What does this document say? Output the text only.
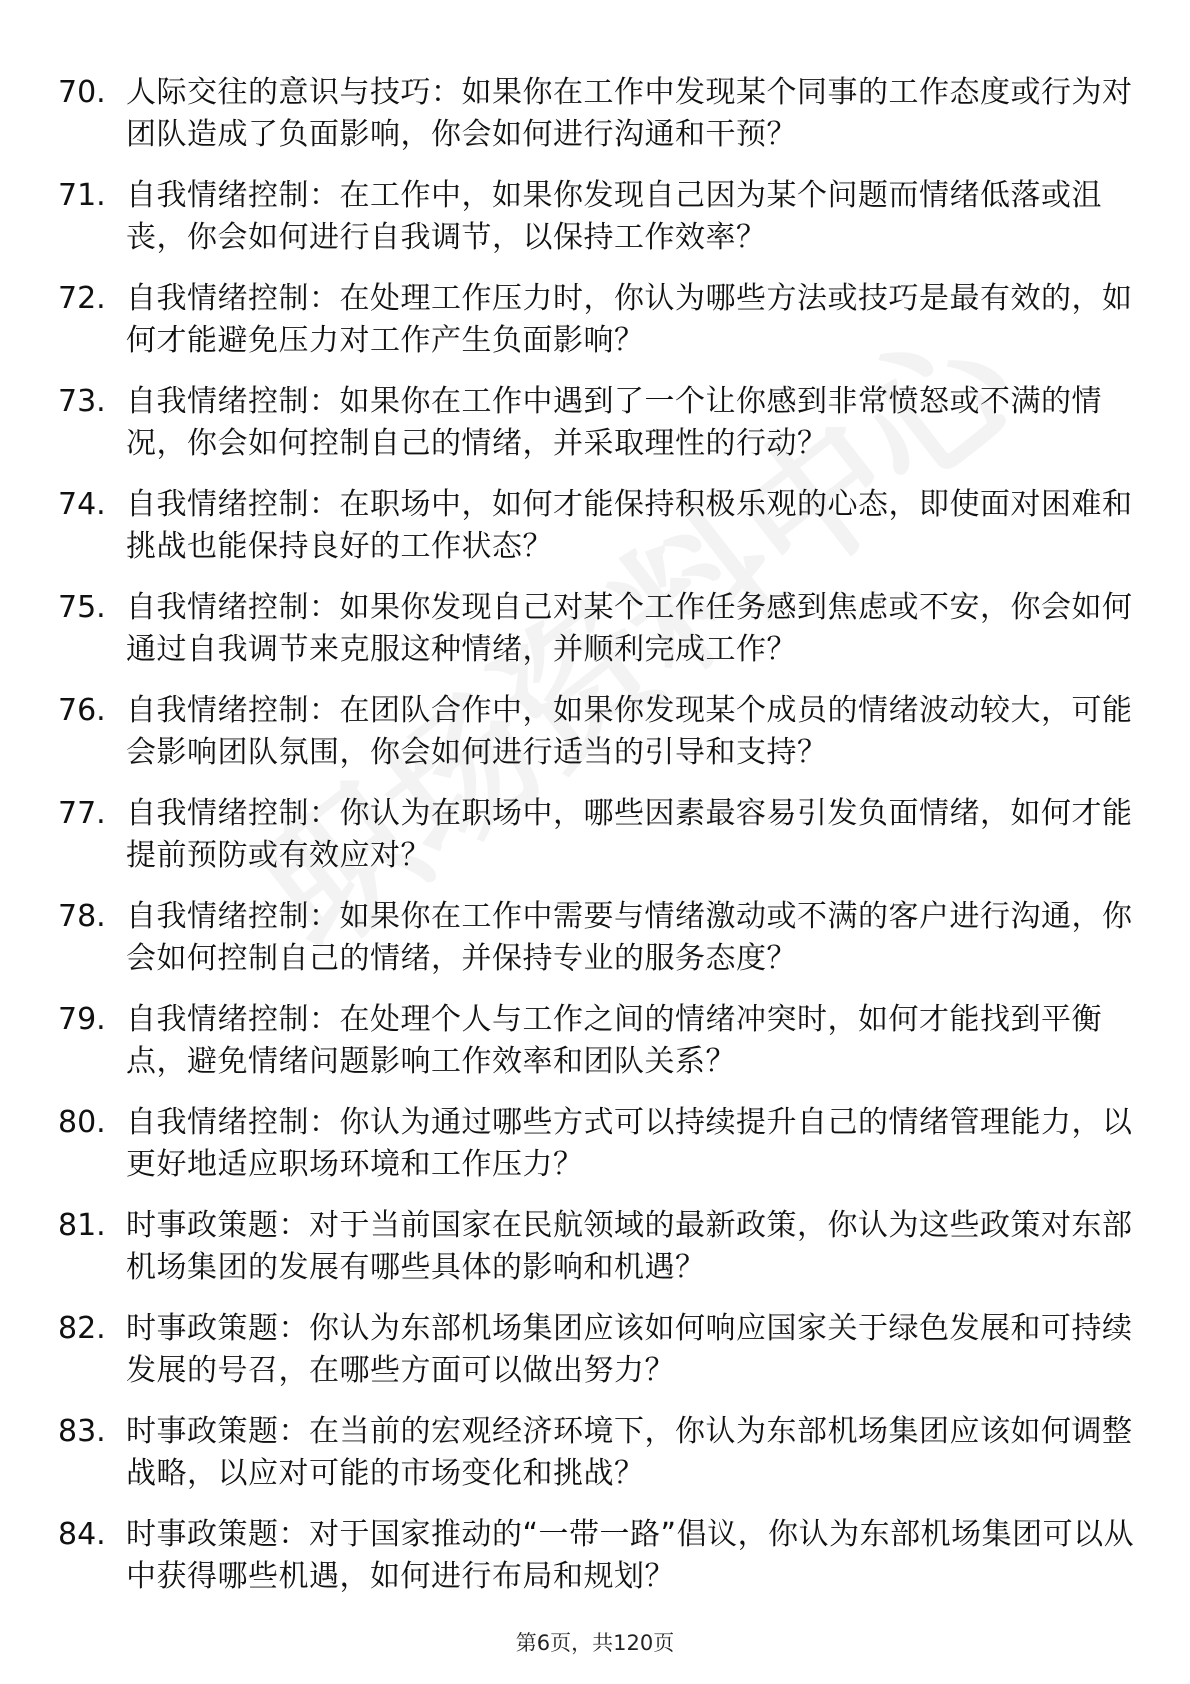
70. 人际交往的意识与技巧：如果你在工作中发现某个同事的工作态度或行为对团队造成了负面影响，你会如何进行沟通和干预？
71. 自我情绪控制：在工作中，如果你发现自己因为某个问题而情绪低落或沮丧，你会如何进行自我调节，以保持工作效率？
72. 自我情绪控制：在处理工作压力时，你认为哪些方法或技巧是最有效的，如何才能避免压力对工作产生负面影响？
73. 自我情绪控制：如果你在工作中遇到了一个让你感到非常愤怒或不满的情况，你会如何控制自己的情绪，并采取理性的行动？
74. 自我情绪控制：在职场中，如何才能保持积极乐观的心态，即使面对困难和挑战也能保持良好的工作状态？
75. 自我情绪控制：如果你发现自己对某个工作任务感到焦虑或不安，你会如何通过自我调节来克服这种情绪，并顺利完成工作？
76. 自我情绪控制：在团队合作中，如果你发现某个成员的情绪波动较大，可能会影响团队氛围，你会如何进行适当的引导和支持？
77. 自我情绪控制：你认为在职场中，哪些因素最容易引发负面情绪，如何才能提前预防或有效应对？
78. 自我情绪控制：如果你在工作中需要与情绪激动或不满的客户进行沟通，你会如何控制自己的情绪，并保持专业的服务态度？
79. 自我情绪控制：在处理个人与工作之间的情绪冲突时，如何才能找到平衡点，避免情绪问题影响工作效率和团队关系？
80. 自我情绪控制：你认为通过哪些方式可以持续提升自己的情绪管理能力，以更好地适应职场环境和工作压力？
81. 时事政策题：对于当前国家在民航领域的最新政策，你认为这些政策对东部机场集团的发展有哪些具体的影响和机遇？
82. 时事政策题：你认为东部机场集团应该如何响应国家关于绿色发展和可持续发展的号召，在哪些方面可以做出努力？
83. 时事政策题：在当前的宏观经济环境下，你认为东部机场集团应该如何调整战略，以应对可能的市场变化和挑战？
84. 时事政策题：对于国家推动的“一带一路”倡议，你认为东部机场集团可以从中获得哪些机遇，如何进行布局和规划？
第6页，共120页
